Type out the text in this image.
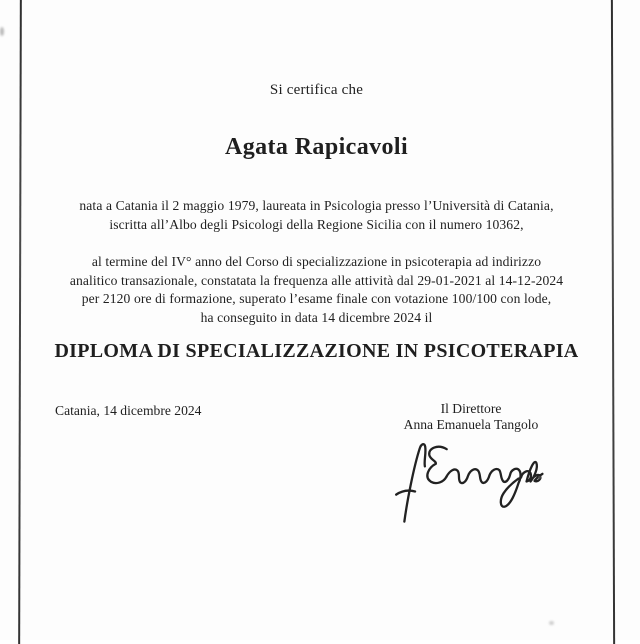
Si certifica che
Agata Rapicavoli
nata a Catania il 2 maggio 1979, laureata in Psicologia presso l’Università di Catania,
iscritta all’Albo degli Psicologi della Regione Sicilia con il numero 10362,
al termine del IV° anno del Corso di specializzazione in psicoterapia ad indirizzo
analitico transazionale, constatata la frequenza alle attività dal 29-01-2021 al 14-12-2024
per 2120 ore di formazione, superato l’esame finale con votazione 100/100 con lode,
ha conseguito in data 14 dicembre 2024 il
DIPLOMA DI SPECIALIZZAZIONE IN PSICOTERAPIA
Catania, 14 dicembre 2024	Il Direttore
Anna Emanuela Tangolo
